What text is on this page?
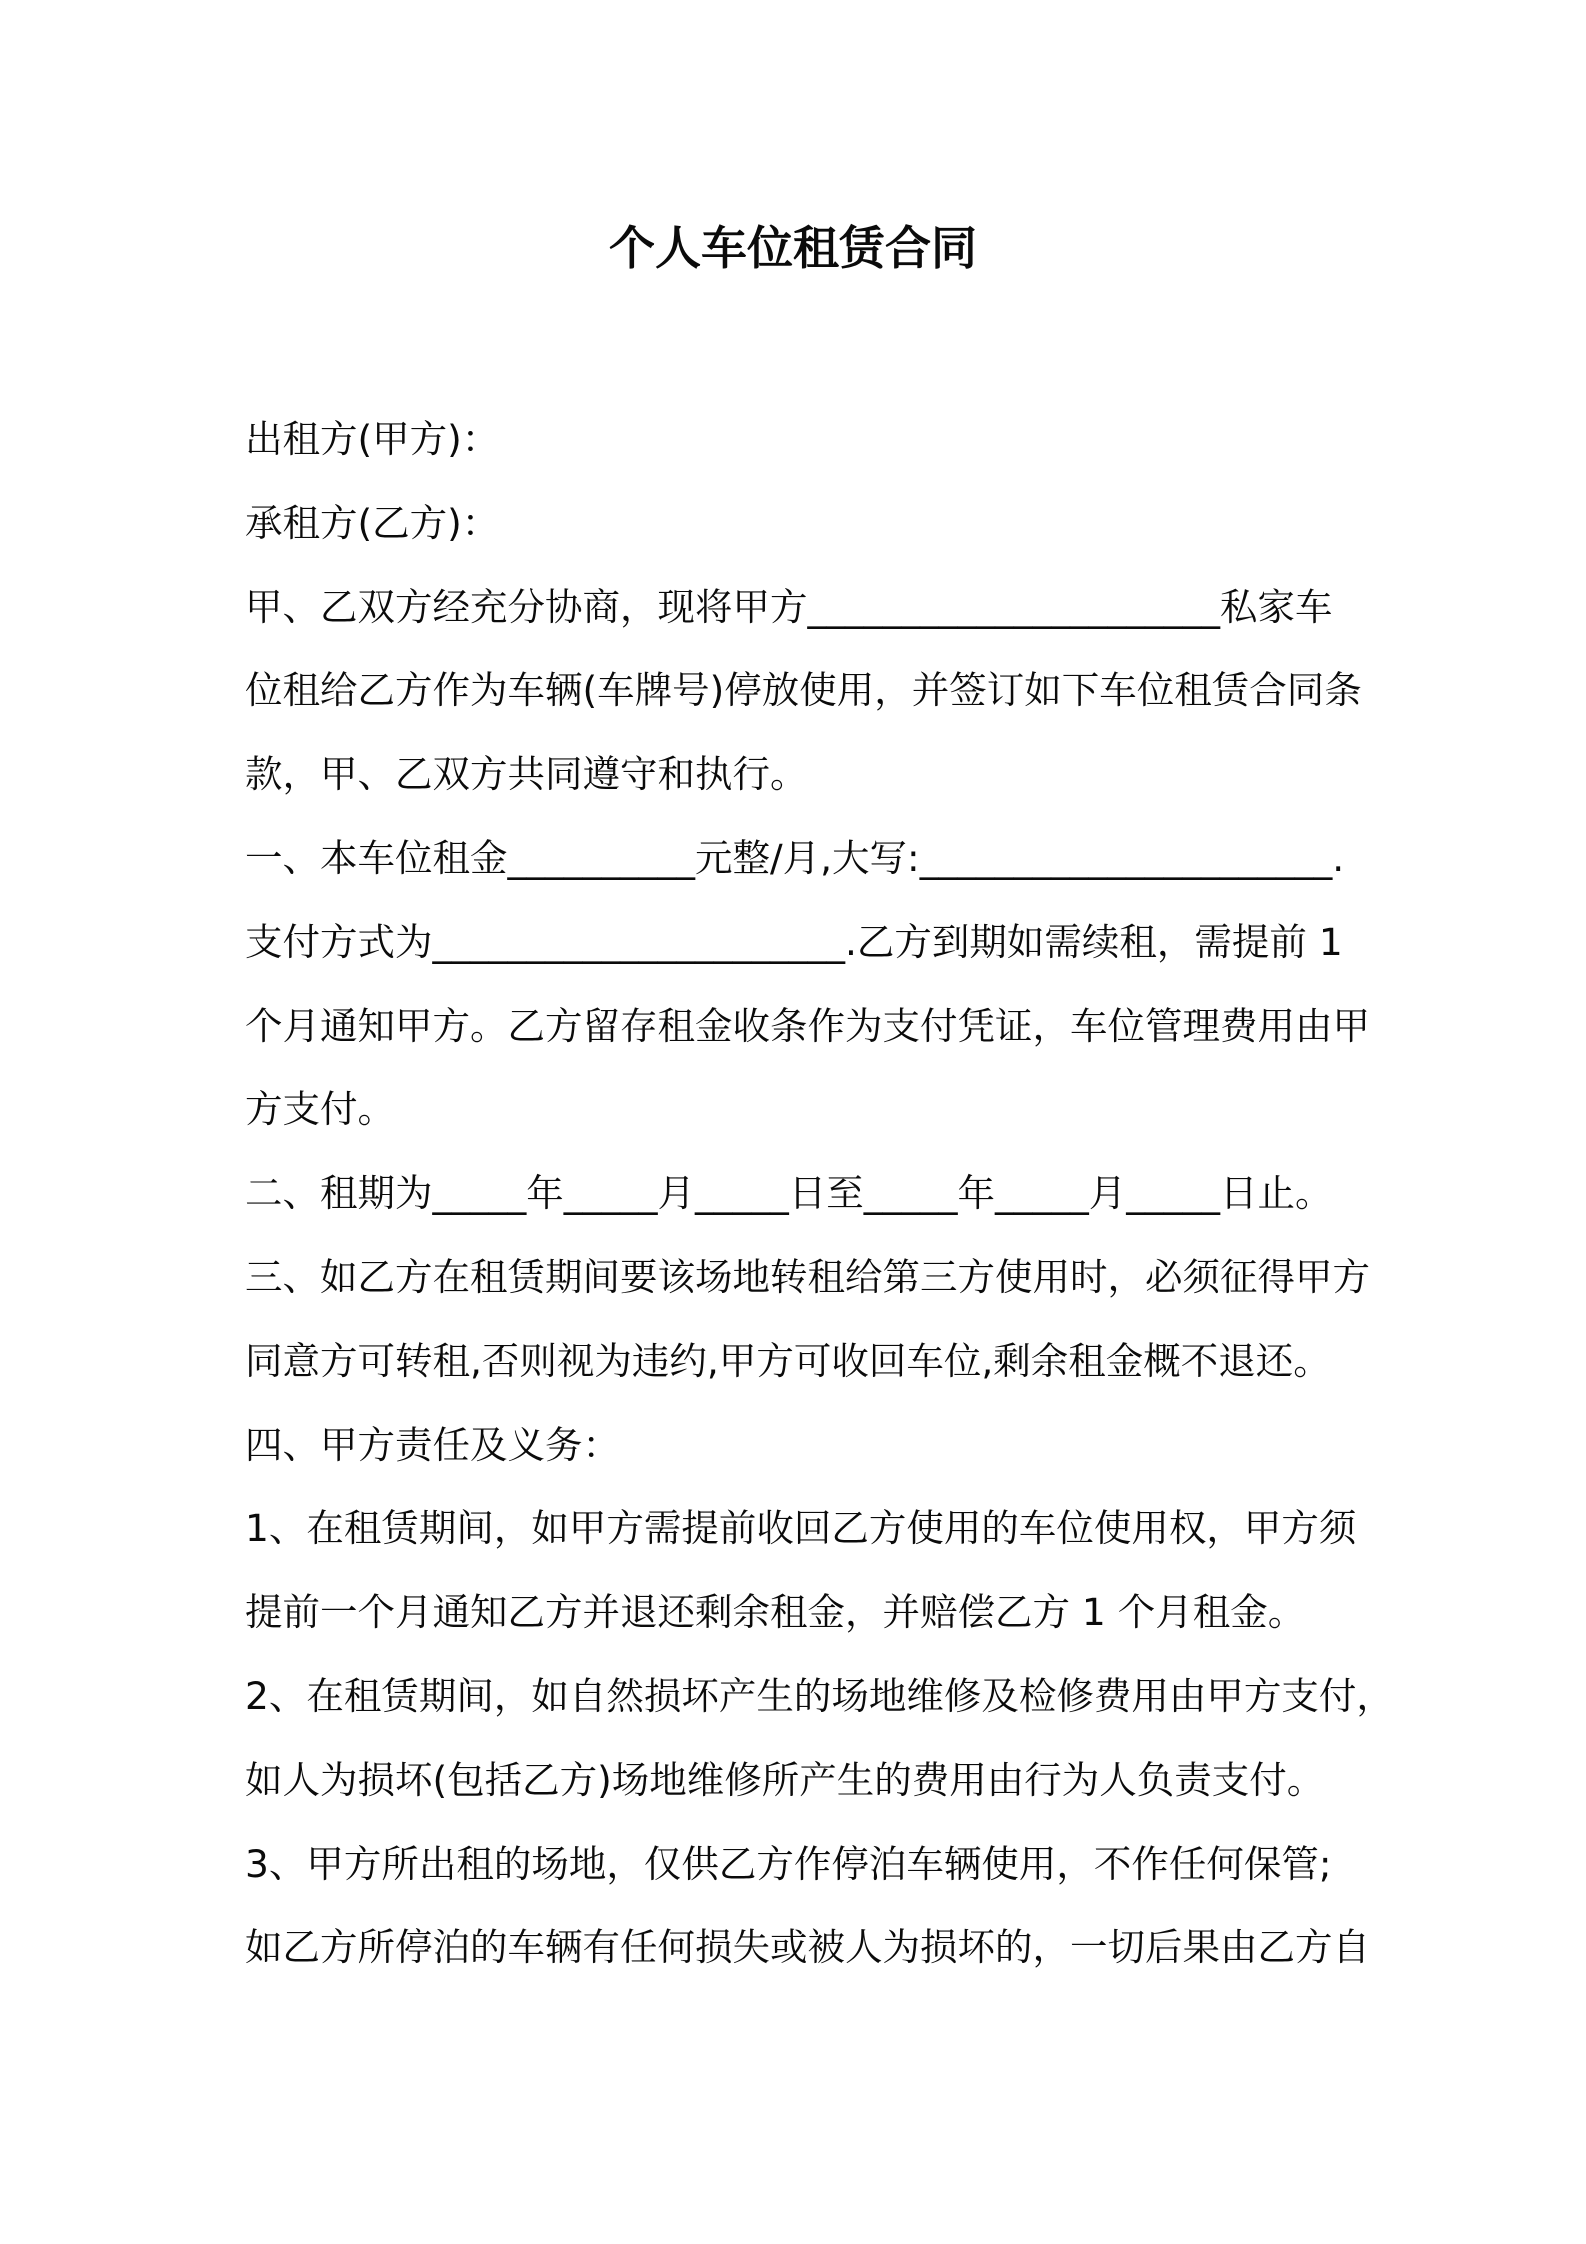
个人车位租赁合同
出租方(甲方)：
承租方(乙方)：
甲、乙双方经充分协商，现将甲方______________________私家车
位租给乙方作为车辆(车牌号)停放使用，并签订如下车位租赁合同条
款，甲、乙双方共同遵守和执行。
一、本车位租金__________元整/月,大写:______________________.
支付方式为______________________.乙方到期如需续租，需提前 1
个月通知甲方。乙方留存租金收条作为支付凭证，车位管理费用由甲
方支付。
二、租期为_____年_____月_____日至_____年_____月_____日止。
三、如乙方在租赁期间要该场地转租给第三方使用时，必须征得甲方
同意方可转租,否则视为违约,甲方可收回车位,剩余租金概不退还。
四、甲方责任及义务：
1、在租赁期间，如甲方需提前收回乙方使用的车位使用权，甲方须
提前一个月通知乙方并退还剩余租金，并赔偿乙方 1 个月租金。
2、在租赁期间，如自然损坏产生的场地维修及检修费用由甲方支付，
如人为损坏(包括乙方)场地维修所产生的费用由行为人负责支付。
3、甲方所出租的场地，仅供乙方作停泊车辆使用，不作任何保管;
如乙方所停泊的车辆有任何损失或被人为损坏的，一切后果由乙方自
